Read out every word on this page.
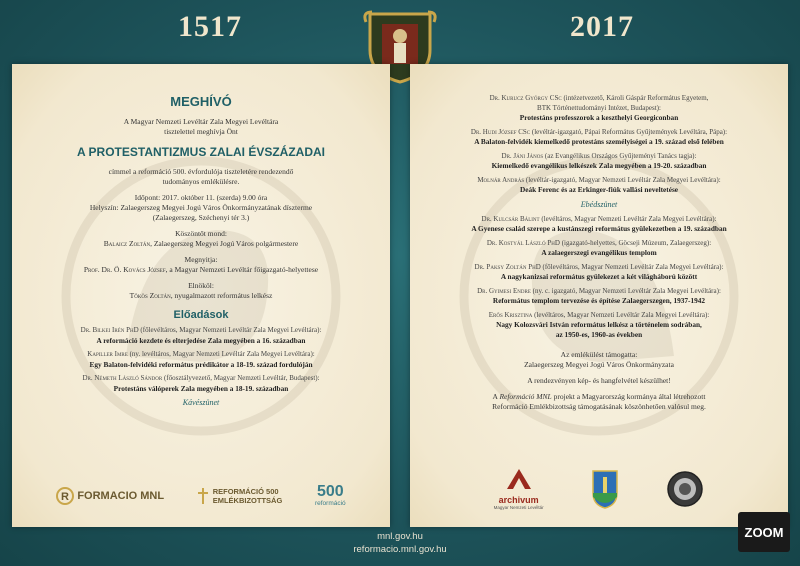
1517	2017
MEGHÍVÓ
A Magyar Nemzeti Levéltár Zala Megyei Levéltára
tisztelettel meghívja Önt
A PROTESTANTIZMUS ZALAI ÉVSZÁZADAI
címmel a reformáció 500. évfordulója tiszteletére rendezendő
tudományos emlékülésre.
Időpont: 2017. október 11. (szerda) 9.00 óra
Helyszín: Zalaegerszeg Megyei Jogú Város Önkormányzatának díszterme
(Zalaegerszeg, Széchenyi tér 3.)
Köszöntőt mond:
Balaicz Zoltán, Zalaegerszeg Megyei Jogú Város polgármestere
Megnyitja:
Prof. Dr. Ö. Kovács József, a Magyar Nemzeti Levéltár főigazgató-helyettese
Elnököl:
Tőkös Zoltán, nyugalmazott református lelkész
Előadások
Dr. Bilkei Irén PhD (főlevéltáros, Magyar Nemzeti Levéltár Zala Megyei Levéltára):
A reformáció kezdete és elterjedése Zala megyében a 16. században
Kapiller Imre (ny. levéltáros, Magyar Nemzeti Levéltár Zala Megyei Levéltára):
Egy Balaton-felvidéki református prédikátor a 18-19. század fordulóján
Dr. Németh László Sándor (főosztályvezető, Magyar Nemzeti Levéltár, Budapest):
Protestáns válóperek Zala megyében a 18-19. században
Kávészünet
R FORMACIO MNL	REFORMÁCIÓ 500
EMLÉKBIZOTTSÁG 500
reformáció
Dr. Kurucz György CSc (intézetvezető, Károli Gáspár Református Egyetem,
BTK Történettudományi Intézet, Budapest):
Protestáns professzorok a keszthelyi Georgiconban
Dr. Hudi József CSc (levéltár-igazgató, Pápai Református Gyűjtemények Levéltára, Pápa):
A Balaton-felvidék kiemelkedő protestáns személyiségei a 19. század első felében
Dr. Jáni János (az Evangélikus Országos Gyűjteményi Tanács tagja):
Kiemelkedő evangélikus lelkészek Zala megyében a 19-20. században
Molnár András (levéltár-igazgató, Magyar Nemzeti Levéltár Zala Megyei Levéltára):
Deák Ferenc és az Erkinger-fiúk vallási neveltetése
Ebédszünet
Dr. Kulcsár Bálint (levéltáros, Magyar Nemzeti Levéltár Zala Megyei Levéltára):
A Gyenese család szerepe a kustánszegi református gyülekezetben a 19. században
Dr. Kostyál László PhD (igazgató-helyettes, Göcseji Múzeum, Zalaegerszeg):
A zalaegerszegi evangélikus templom
Dr. Paksy Zoltán PhD (főlevéltáros, Magyar Nemzeti Levéltár Zala Megyei Levéltára):
A nagykanizsai református gyülekezet a két világháború között
Dr. Gyimesi Endre (ny. c. igazgató, Magyar Nemzeti Levéltár Zala Megyei Levéltára):
Református templom tervezése és építése Zalaegerszegen, 1937-1942
Erős Krisztina (levéltáros, Magyar Nemzeti Levéltár Zala Megyei Levéltára):
Nagy Kolozsvári István református lelkész a történelem sodrában,
az 1950-es, 1960-as években
Az emlékülést támogatta:
Zalaegerszeg Megyei Jogú Város Önkormányzata
A rendezvényen kép- és hangfelvétel készülhet!
A Reformáció MNL projekt a Magyarország kormánya által létrehozott
Reformáció Emlékbizottság támogatásának köszönhetően valósul meg.
archivum
Magyar Nemzeti Levéltár
mnl.gov.hu
reformacio.mnl.gov.hu
ZOOM
